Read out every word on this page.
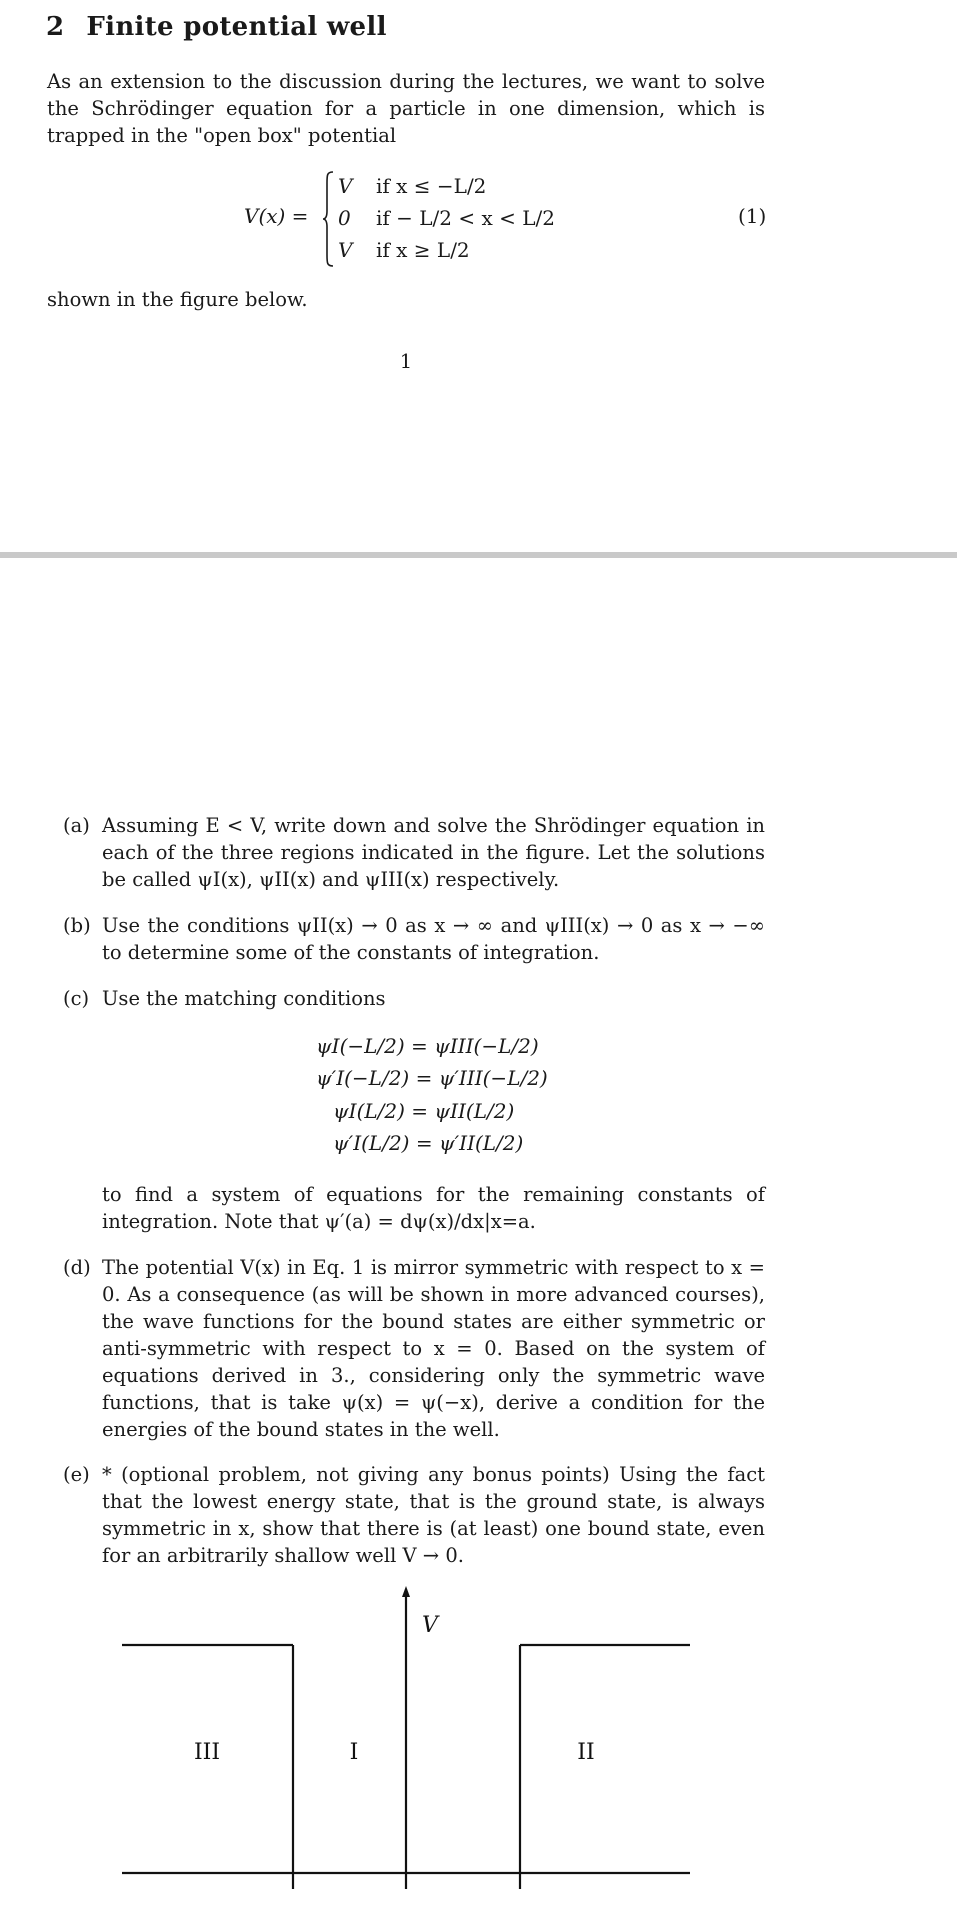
2 Finite potential well
As an extension to the discussion during the lectures, we want to solve the Schrödinger equation for a particle in one dimension, which is trapped in the "open box" potential
V(x) =
V if x ≤ −L/2
0 if − L/2 < x < L/2
V if x ≥ L/2
(1)
shown in the figure below.
1
(a) Assuming E < V, write down and solve the Shrödinger equation in each of the three regions indicated in the figure. Let the solutions be called ψI(x), ψII(x) and ψIII(x) respectively.
(b) Use the conditions ψII(x) → 0 as x → ∞ and ψIII(x) → 0 as x → −∞ to determine some of the constants of integration.
(c) Use the matching conditions
ψI(−L/2) = ψIII(−L/2)
ψ′I(−L/2) = ψ′III(−L/2)
ψI(L/2) = ψII(L/2)
ψ′I(L/2) = ψ′II(L/2)
to find a system of equations for the remaining constants of integration. Note that ψ′(a) = dψ(x)/dx|x=a.
(d) The potential V(x) in Eq. 1 is mirror symmetric with respect to x = 0. As a consequence (as will be shown in more advanced courses), the wave functions for the bound states are either symmetric or anti-symmetric with respect to x = 0. Based on the system of equations derived in 3., considering only the symmetric wave functions, that is take ψ(x) = ψ(−x), derive a condition for the energies of the bound states in the well.
(e) * (optional problem, not giving any bonus points) Using the fact that the lowest energy state, that is the ground state, is always symmetric in x, show that there is (at least) one bound state, even for an arbitrarily shallow well V → 0.
V
III	I	II
